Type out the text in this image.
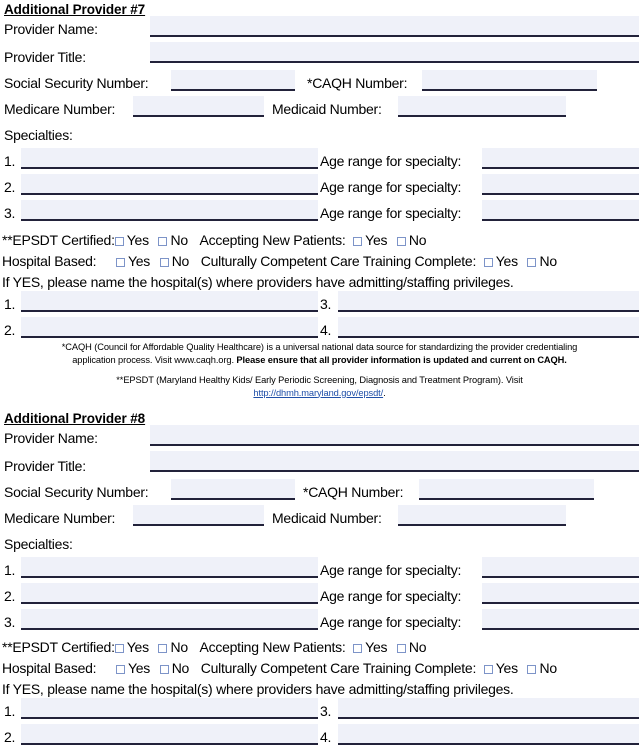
Additional Provider #7
Provider Name:
Provider Title:
Social Security Number:	*CAQH Number:
Medicare Number:	Medicaid Number:
Specialties:
1.	Age range for specialty:
2.	Age range for specialty:
3.	Age range for specialty:
**EPSDT Certified: Yes No Accepting New Patients: Yes No
Hospital Based: Yes No Culturally Competent Care Training Complete: Yes No
If YES, please name the hospital(s) where providers have admitting/staffing privileges.
1.	3.
2.	4.
*CAQH (Council for Affordable Quality Healthcare) is a universal national data source for standardizing the provider credentialing
application process. Visit www.caqh.org. Please ensure that all provider information is updated and current on CAQH.
**EPSDT (Maryland Healthy Kids/ Early Periodic Screening, Diagnosis and Treatment Program). Visit
http://dhmh.maryland.gov/epsdt/.
Additional Provider #8
Provider Name:
Provider Title:
Social Security Number:	*CAQH Number:
Medicare Number:	Medicaid Number:
Specialties:
1.	Age range for specialty:
2.	Age range for specialty:
3.	Age range for specialty:
**EPSDT Certified: Yes No Accepting New Patients: Yes No
Hospital Based: Yes No Culturally Competent Care Training Complete: Yes No
If YES, please name the hospital(s) where providers have admitting/staffing privileges.
1.	3.
2.	4.
